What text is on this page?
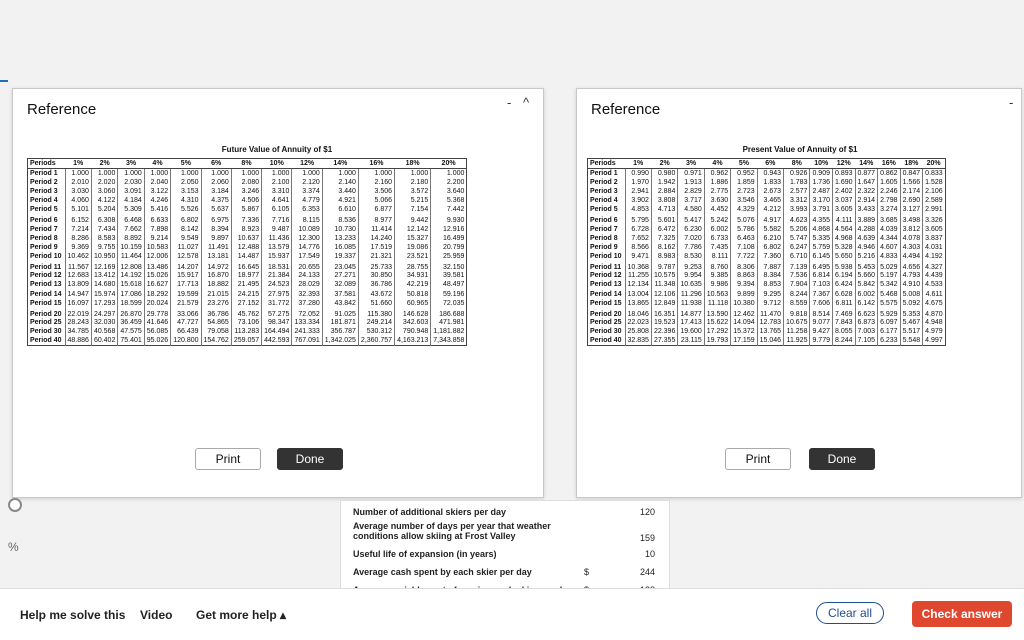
Reference	- ^
Future Value of Annuity of $1
Periods	1%	2%	3%	4%	5%	6%	8%	10%	12%	14%	16%	18%	20%
Period 1	1.000	1.000	1.000	1.000	1.000	1.000	1.000	1.000	1.000	1.000	1.000	1.000	1.000
Period 2	2.010	2.020	2.030	2.040	2.050	2.060	2.080	2.100	2.120	2.140	2.160	2.180	2.200
Period 3	3.030	3.060	3.091	3.122	3.153	3.184	3.246	3.310	3.374	3.440	3.506	3.572	3.640
Period 4	4.060	4.122	4.184	4.246	4.310	4.375	4.506	4.641	4.779	4.921	5.066	5.215	5.368
Period 5	5.101	5.204	5.309	5.416	5.526	5.637	5.867	6.105	6.353	6.610	6.877	7.154	7.442
Period 6	6.152	6.308	6.468	6.633	6.802	6.975	7.336	7.716	8.115	8.536	8.977	9.442	9.930
Period 7	7.214	7.434	7.662	7.898	8.142	8.394	8.923	9.487	10.089	10.730	11.414	12.142	12.916
Period 8	8.286	8.583	8.892	9.214	9.549	9.897	10.637	11.436	12.300	13.233	14.240	15.327	16.499
Period 9	9.369	9.755	10.159	10.583	11.027	11.491	12.488	13.579	14.776	16.085	17.519	19.086	20.799
Period 10	10.462	10.950	11.464	12.006	12.578	13.181	14.487	15.937	17.549	19.337	21.321	23.521	25.959
Period 11	11.567	12.169	12.808	13.486	14.207	14.972	16.645	18.531	20.655	23.045	25.733	28.755	32.150
Period 12	12.683	13.412	14.192	15.026	15.917	16.870	18.977	21.384	24.133	27.271	30.850	34.931	39.581
Period 13	13.809	14.680	15.618	16.627	17.713	18.882	21.495	24.523	28.029	32.089	36.786	42.219	48.497
Period 14	14.947	15.974	17.086	18.292	19.599	21.015	24.215	27.975	32.393	37.581	43.672	50.818	59.196
Period 15	16.097	17.293	18.599	20.024	21.579	23.276	27.152	31.772	37.280	43.842	51.660	60.965	72.035
Period 20	22.019	24.297	26.870	29.778	33.066	36.786	45.762	57.275	72.052	91.025	115.380	146.628	186.688
Period 25	28.243	32.030	36.459	41.646	47.727	54.865	73.106	98.347	133.334	181.871	249.214	342.603	471.981
Period 30	34.785	40.568	47.575	56.085	66.439	79.058	113.283	164.494	241.333	356.787	530.312	790.948	1,181.882
Period 40	48.886	60.402	75.401	95.026	120.800	154.762	259.057	442.593	767.091	1,342.025	2,360.757	4,163.213	7,343.858
Print	Done
Reference	-
Present Value of Annuity of $1
Periods	1%	2%	3%	4%	5%	6%	8%	10%	12%	14%	16%	18%	20%
Period 1	0.990	0.980	0.971	0.962	0.952	0.943	0.926	0.909	0.893	0.877	0.862	0.847	0.833
Period 2	1.970	1.942	1.913	1.886	1.859	1.833	1.783	1.736	1.690	1.647	1.605	1.566	1.528
Period 3	2.941	2.884	2.829	2.775	2.723	2.673	2.577	2.487	2.402	2.322	2.246	2.174	2.106
Period 4	3.902	3.808	3.717	3.630	3.546	3.465	3.312	3.170	3.037	2.914	2.798	2.690	2.589
Period 5	4.853	4.713	4.580	4.452	4.329	4.212	3.993	3.791	3.605	3.433	3.274	3.127	2.991
Period 6	5.795	5.601	5.417	5.242	5.076	4.917	4.623	4.355	4.111	3.889	3.685	3.498	3.326
Period 7	6.728	6.472	6.230	6.002	5.786	5.582	5.206	4.868	4.564	4.288	4.039	3.812	3.605
Period 8	7.652	7.325	7.020	6.733	6.463	6.210	5.747	5.335	4.968	4.639	4.344	4.078	3.837
Period 9	8.566	8.162	7.786	7.435	7.108	6.802	6.247	5.759	5.328	4.946	4.607	4.303	4.031
Period 10	9.471	8.983	8.530	8.111	7.722	7.360	6.710	6.145	5.650	5.216	4.833	4.494	4.192
Period 11	10.368	9.787	9.253	8.760	8.306	7.887	7.139	6.495	5.938	5.453	5.029	4.656	4.327
Period 12	11.255	10.575	9.954	9.385	8.863	8.384	7.536	6.814	6.194	5.660	5.197	4.793	4.439
Period 13	12.134	11.348	10.635	9.986	9.394	8.853	7.904	7.103	6.424	5.842	5.342	4.910	4.533
Period 14	13.004	12.106	11.296	10.563	9.899	9.295	8.244	7.367	6.628	6.002	5.468	5.008	4.611
Period 15	13.865	12.849	11.938	11.118	10.380	9.712	8.559	7.606	6.811	6.142	5.575	5.092	4.675
Period 20	18.046	16.351	14.877	13.590	12.462	11.470	9.818	8.514	7.469	6.623	5.929	5.353	4.870
Period 25	22.023	19.523	17.413	15.622	14.094	12.783	10.675	9.077	7.843	6.873	6.097	5.467	4.948
Period 30	25.808	22.396	19.600	17.292	15.372	13.765	11.258	9.427	8.055	7.003	6.177	5.517	4.979
Period 40	32.835	27.355	23.115	19.793	17.159	15.046	11.925	9.779	8.244	7.105	6.233	5.548	4.997
Print	Done
%
Number of additional skiers per day	120
Average number of days per year that weather conditions allow skiing at Frost Valley	159
Useful life of expansion (in years)	10
Average cash spent by each skier per day	$	244
Help me solve this Video Get more help ▴	Clear all	Check answer
